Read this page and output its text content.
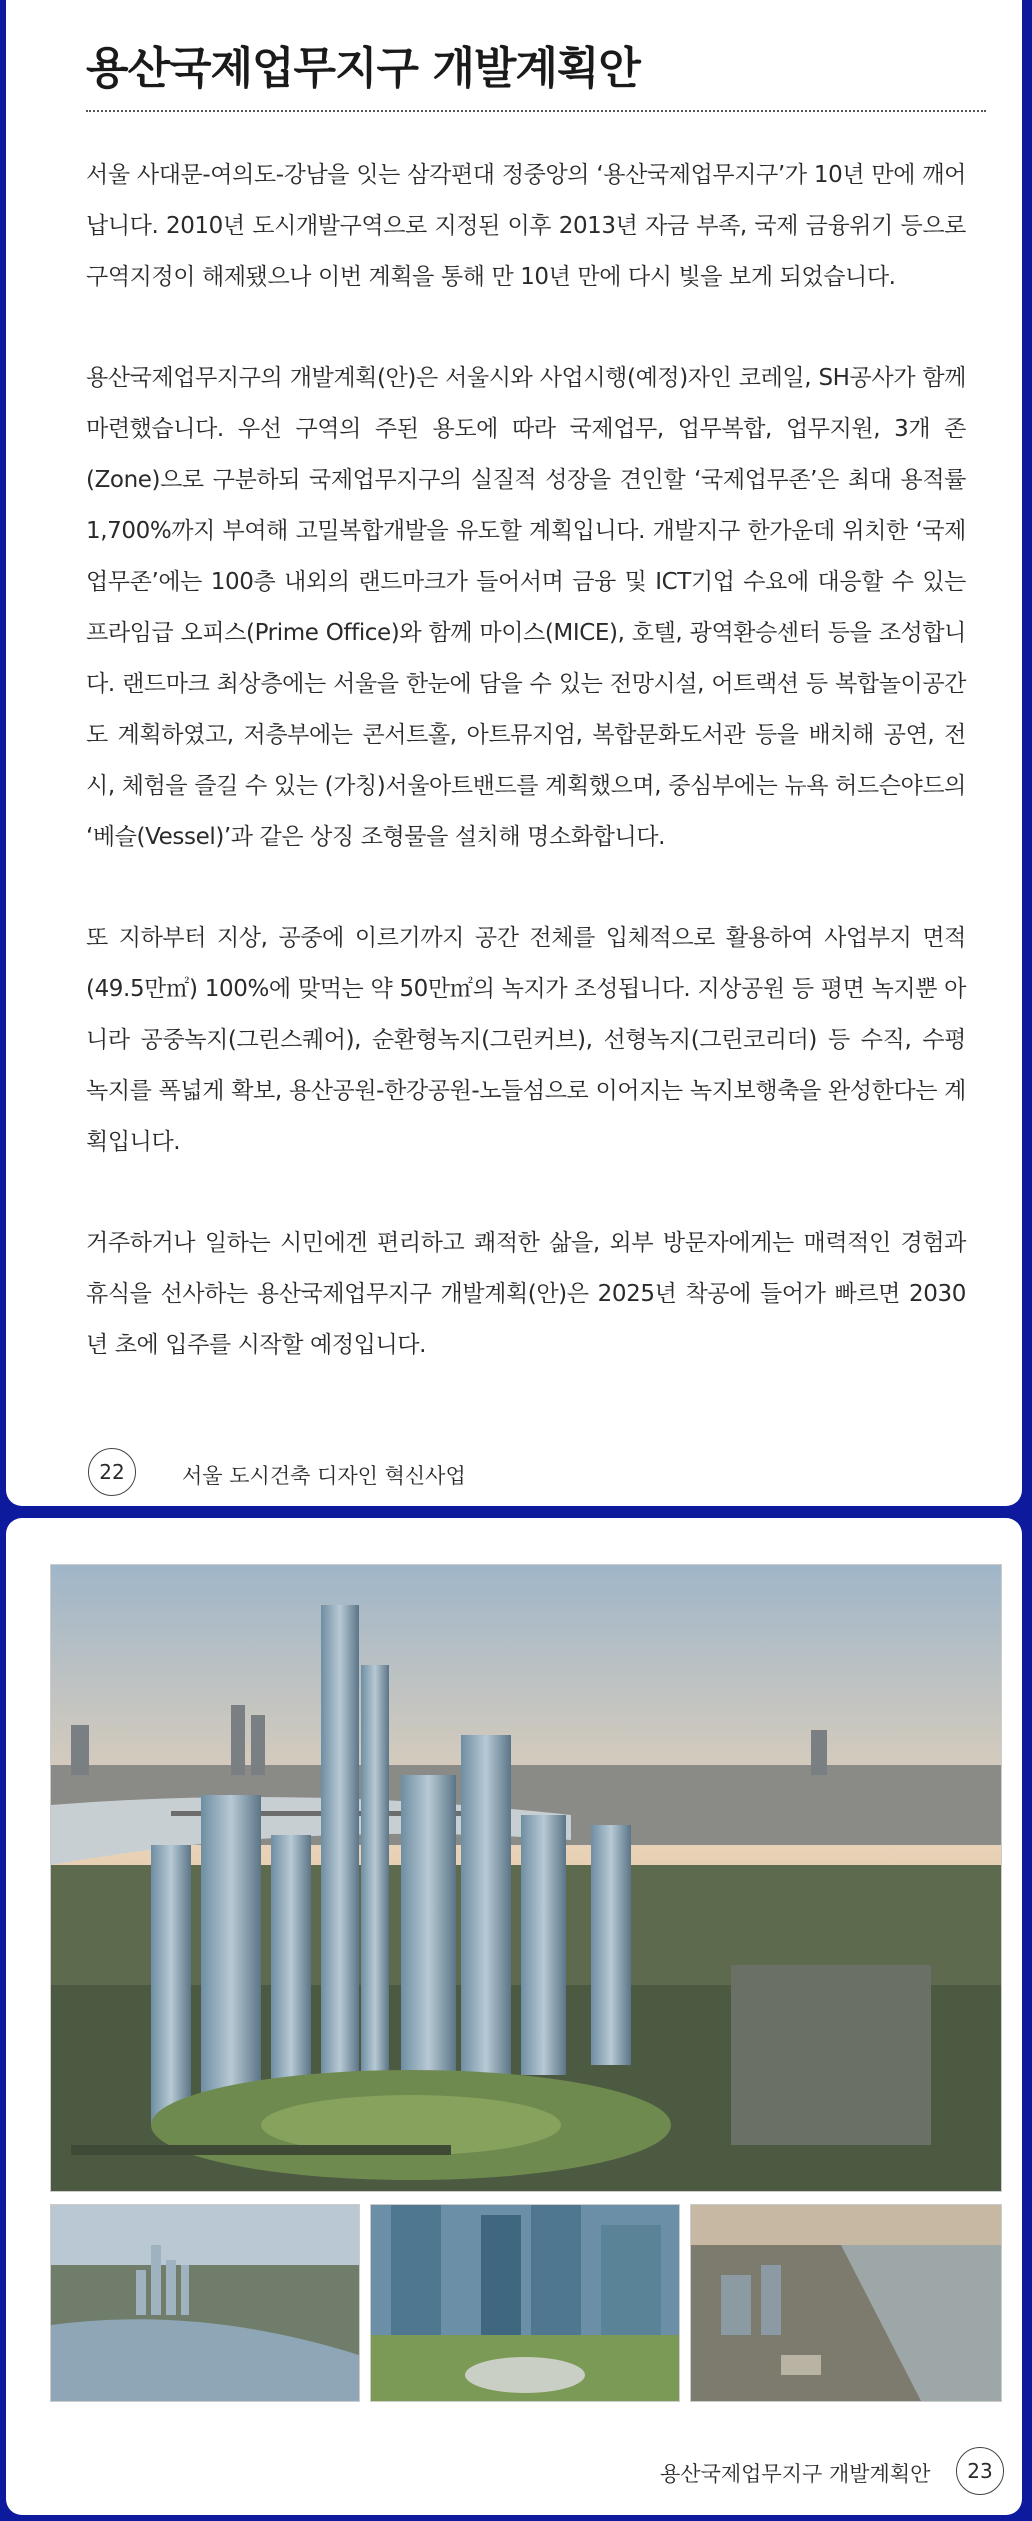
용산국제업무지구 개발계획안

서울 사대문-여의도-강남을 잇는 삼각편대 정중앙의 ‘용산국제업무지구’가 10년 만에 깨어납니다. 2010년 도시개발구역으로 지정된 이후 2013년 자금 부족, 국제 금융위기 등으로 구역지정이 해제됐으나 이번 계획을 통해 만 10년 만에 다시 빛을 보게 되었습니다.

용산국제업무지구의 개발계획(안)은 서울시와 사업시행(예정)자인 코레일, SH공사가 함께 마련했습니다. 우선 구역의 주된 용도에 따라 국제업무, 업무복합, 업무지원, 3개 존(Zone)으로 구분하되 국제업무지구의 실질적 성장을 견인할 ‘국제업무존’은 최대 용적률 1,700%까지 부여해 고밀복합개발을 유도할 계획입니다. 개발지구 한가운데 위치한 ‘국제업무존’에는 100층 내외의 랜드마크가 들어서며 금융 및 ICT기업 수요에 대응할 수 있는 프라임급 오피스(Prime Office)와 함께 마이스(MICE), 호텔, 광역환승센터 등을 조성합니다. 랜드마크 최상층에는 서울을 한눈에 담을 수 있는 전망시설, 어트랙션 등 복합놀이공간도 계획하였고, 저층부에는 콘서트홀, 아트뮤지엄, 복합문화도서관 등을 배치해 공연, 전시, 체험을 즐길 수 있는 (가칭)서울아트밴드를 계획했으며, 중심부에는 뉴욕 허드슨야드의 ‘베슬(Vessel)’과 같은 상징 조형물을 설치해 명소화합니다.

또 지하부터 지상, 공중에 이르기까지 공간 전체를 입체적으로 활용하여 사업부지 면적(49.5만㎡) 100%에 맞먹는 약 50만㎡의 녹지가 조성됩니다. 지상공원 등 평면 녹지뿐 아니라 공중녹지(그린스퀘어), 순환형녹지(그린커브), 선형녹지(그린코리더) 등 수직, 수평 녹지를 폭넓게 확보, 용산공원-한강공원-노들섬으로 이어지는 녹지보행축을 완성한다는 계획입니다.

거주하거나 일하는 시민에겐 편리하고 쾌적한 삶을, 외부 방문자에게는 매력적인 경험과 휴식을 선사하는 용산국제업무지구 개발계획(안)은 2025년 착공에 들어가 빠르면 2030년 초에 입주를 시작할 예정입니다.

22	서울 도시건축 디자인 혁신사업
용산국제업무지구 개발계획안	23
